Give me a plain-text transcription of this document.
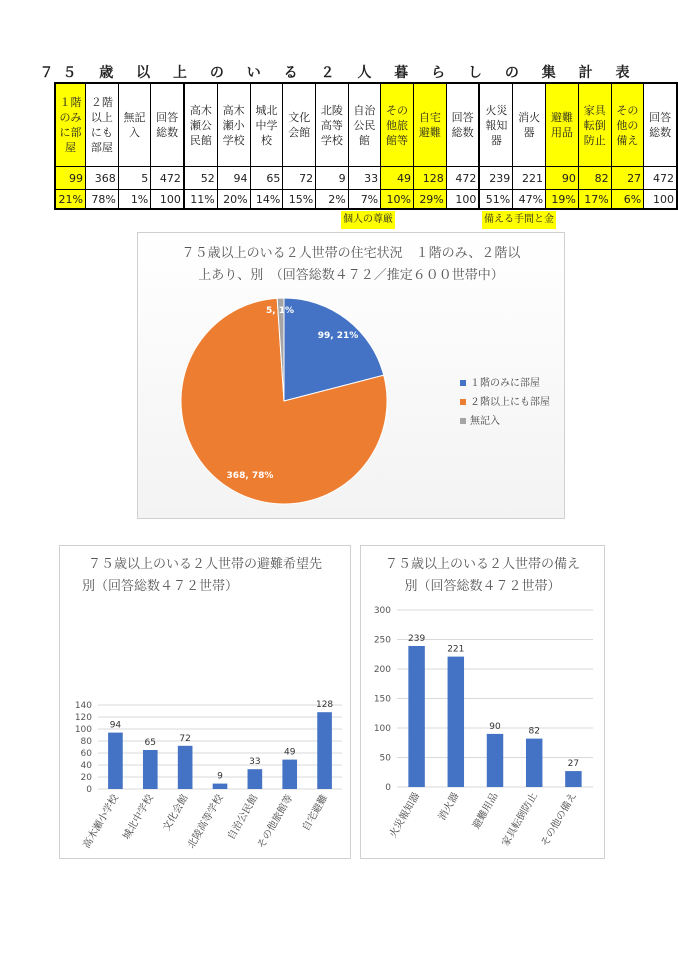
７５ 歳 以 上 の い る ２ 人 暮 ら し の 集 計 表
１階のみに部屋	２階以上にも部屋	無記入	回答総数	高木瀬公民館	高木瀬小学校	城北中学校	文化会館	北陵高等学校	自治公民館	その他旅館等	自宅避難	回答総数	火災報知器	消火器	避難用品	家具転倒防止	その他の備え	回答総数
99	368	5	472	52	94	65	72	9	33	49	128	472	239	221	90	82	27	472
21%	78%	1%	100	11%	20%	14%	15%	2%	7%	10%	29%	100	51%	47%	19%	17%	6%	100
個人の尊厳	備える手間と金
７５歳以上のいる２人世帯の住宅状況　１階のみ、２階以
上あり、別　（回答総数４７２／推定６００世帯中）
99, 21%
368, 78%
5, 1%
１階のみに部屋
２階以上にも部屋
無記入
７５歳以上のいる２人世帯の避難希望先
別（回答総数４７２世帯）
0
20
40
60
80
100
120
140
94
高木瀬小学校
65
城北中学校
72
文化会館
9
北陵高等学校
33
自治公民館
49
その他旅館等
128
自宅避難
７５歳以上のいる２人世帯の備え
別（回答総数４７２世帯）
0
50
100
150
200
250
300
239
火災報知器
221
消火器
90
避難用品
82
家具転倒防止
27
その他の備え
